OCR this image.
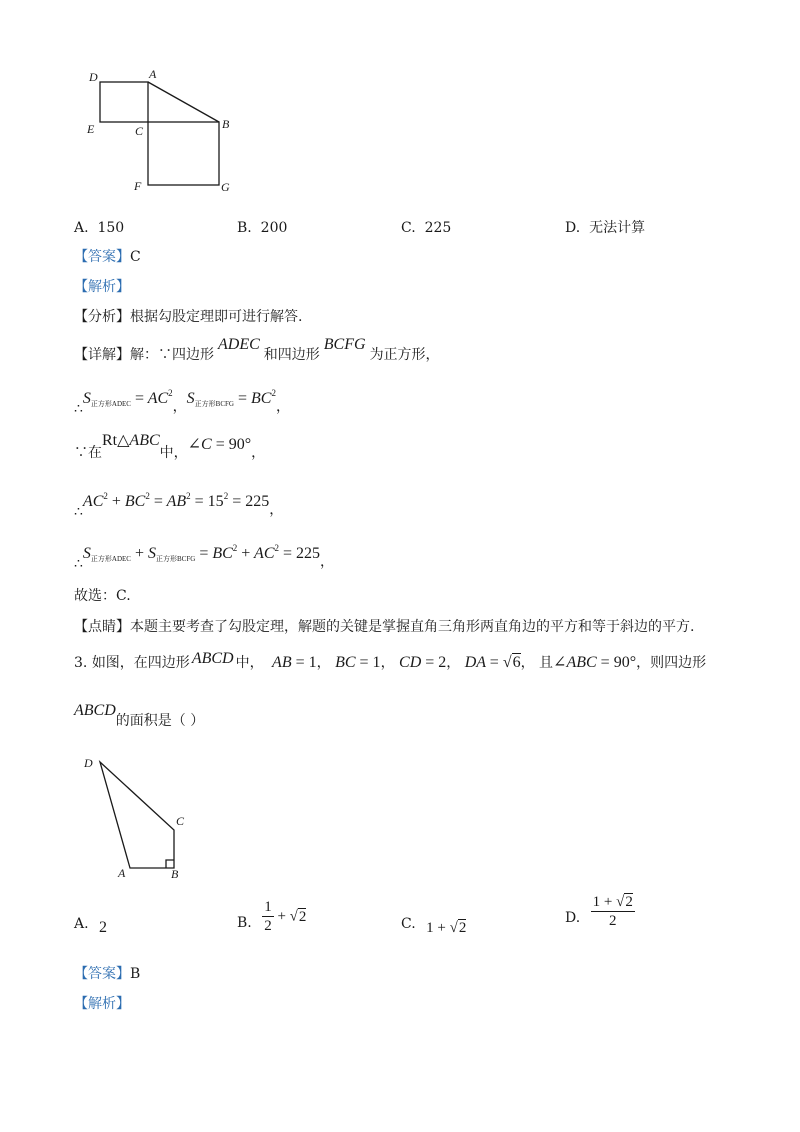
D	A
E	C	B
F	G
A. 150	B. 200	C. 225	D. 无法计算
【答案】C
【解析】
【分析】根据勾股定理即可进行解答.
【详解】解：∵四边形ADEC和四边形BCFG为正方形，
$\therefore S_{正方形ADEC} = AC^2$，$S_{正方形BCFG} = BC^2$，
∵在Rt△ABC中，∠C = 90°，
$\therefore AC^2 + BC^2 = AB^2 = 15^2 = 225$，
$\therefore S_{正方形ADEC} + S_{正方形BCFG} = BC^2 + AC^2 = 225$，
故选：C.
【点睛】本题主要考查了勾股定理，解题的关键是掌握直角三角形两直角边的平方和等于斜边的平方.
3. 如图，在四边形 ABCD 中， AB = 1， BC = 1， CD = 2， DA = √6， 且∠ABC = 90°，则四边形
ABCD的面积是（ ）
D
C
A	B
A. 2	B. $\frac{1}{2} + √2$	C. 1 + √2
D. $\frac{1 + √2}{2}$
【答案】B
【解析】
